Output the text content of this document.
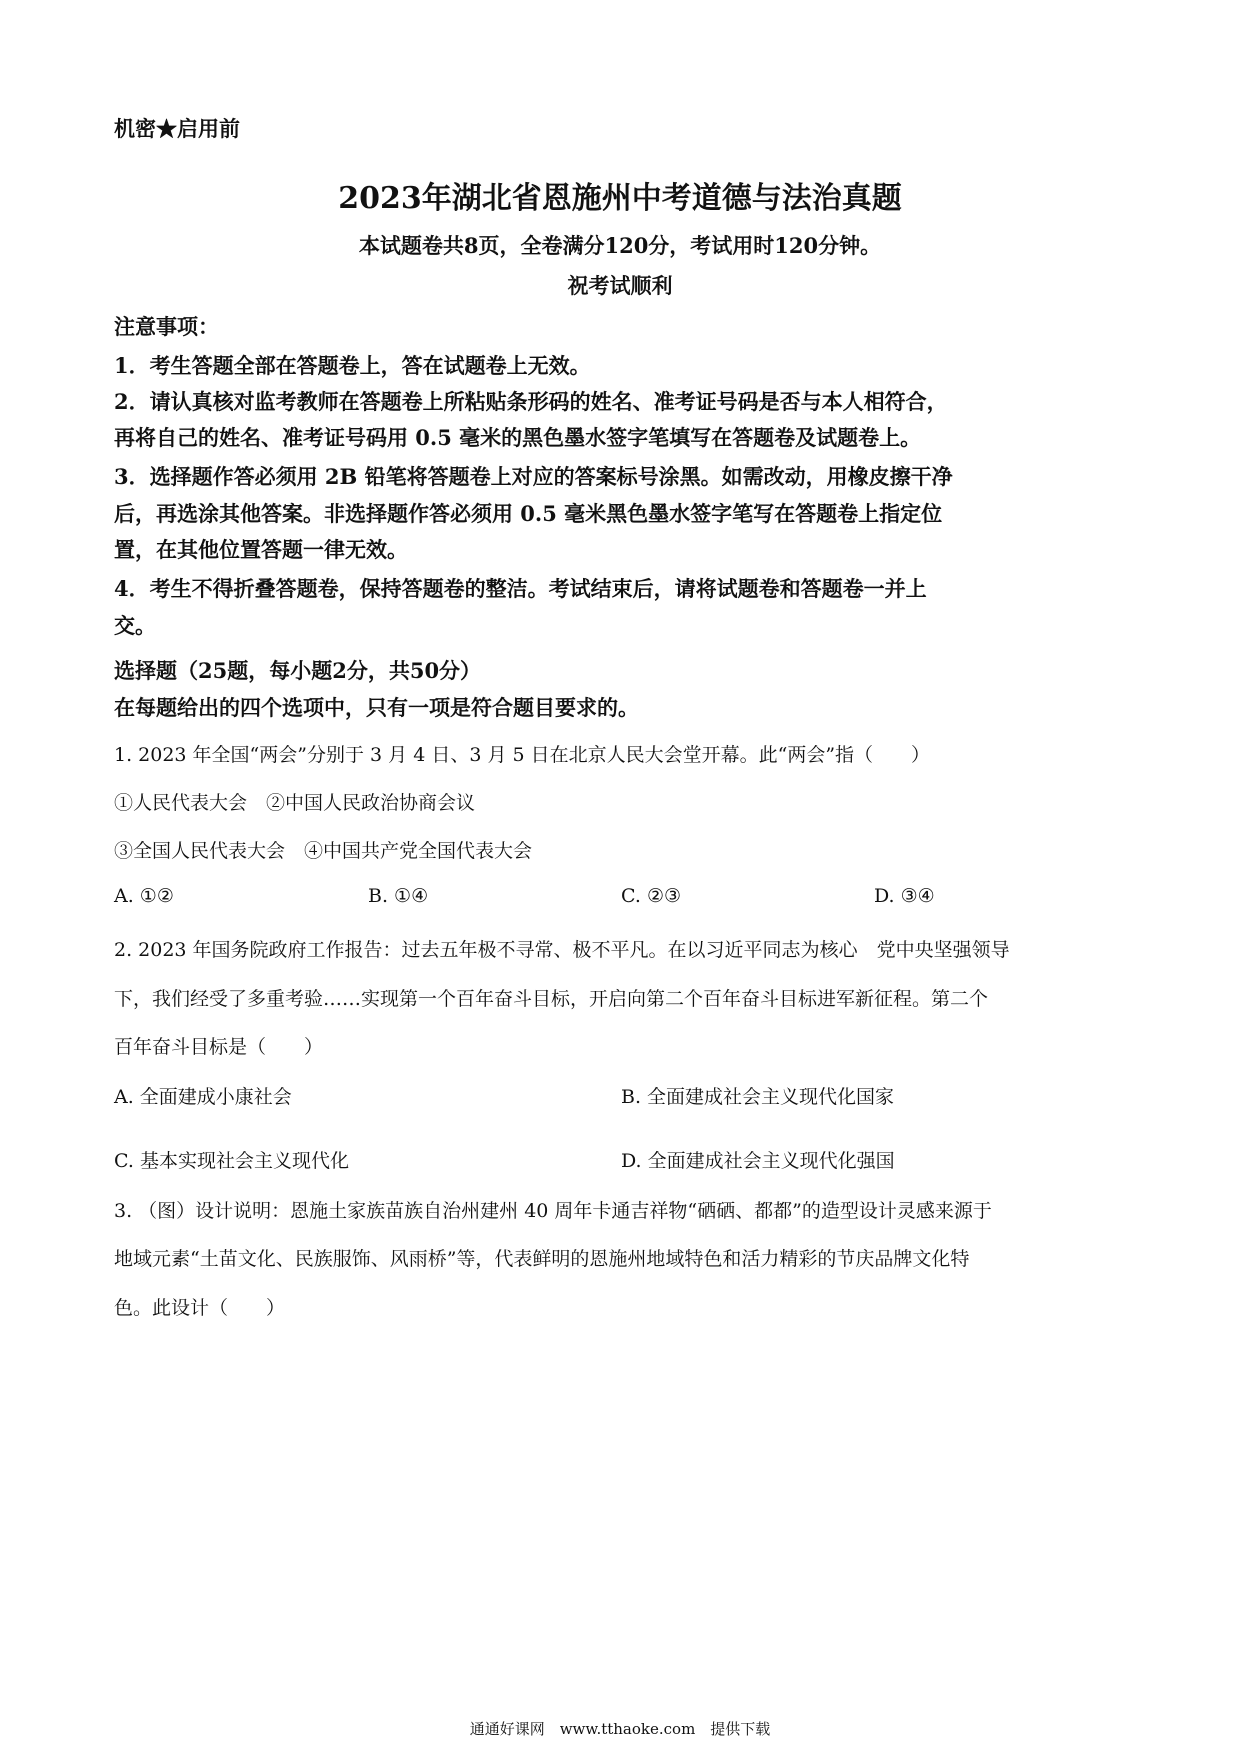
机密★启用前
2023年湖北省恩施州中考道德与法治真题
本试题卷共8页，全卷满分120分，考试用时120分钟。
祝考试顺利
注意事项：
1．考生答题全部在答题卷上，答在试题卷上无效。
2．请认真核对监考教师在答题卷上所粘贴条形码的姓名、准考证号码是否与本人相符合，
再将自己的姓名、准考证号码用 0.5 毫米的黑色墨水签字笔填写在答题卷及试题卷上。
3．选择题作答必须用 2B 铅笔将答题卷上对应的答案标号涂黑。如需改动，用橡皮擦干净
后，再选涂其他答案。非选择题作答必须用 0.5 毫米黑色墨水签字笔写在答题卷上指定位
置，在其他位置答题一律无效。
4．考生不得折叠答题卷，保持答题卷的整洁。考试结束后，请将试题卷和答题卷一并上
交。
选择题（25题，每小题2分，共50分）
在每题给出的四个选项中，只有一项是符合题目要求的。
1. 2023 年全国“两会”分别于 3 月 4 日、3 月 5 日在北京人民大会堂开幕。此“两会”指（　　）
①人民代表大会　②中国人民政治协商会议
③全国人民代表大会　④中国共产党全国代表大会
A. ①②	B. ①④	C. ②③	D. ③④
2. 2023 年国务院政府工作报告：过去五年极不寻常、极不平凡。在以习近平同志为核心　党中央坚强领导
下，我们经受了多重考验……实现第一个百年奋斗目标，开启向第二个百年奋斗目标进军新征程。第二个
百年奋斗目标是（　　）
A. 全面建成小康社会	B. 全面建成社会主义现代化国家
C. 基本实现社会主义现代化	D. 全面建成社会主义现代化强国
3. （图）设计说明：恩施土家族苗族自治州建州 40 周年卡通吉祥物“硒硒、都都”的造型设计灵感来源于
地域元素“土苗文化、民族服饰、风雨桥”等，代表鲜明的恩施州地域特色和活力精彩的节庆品牌文化特
色。此设计（　　）
通通好课网　www.tthaoke.com　提供下载
